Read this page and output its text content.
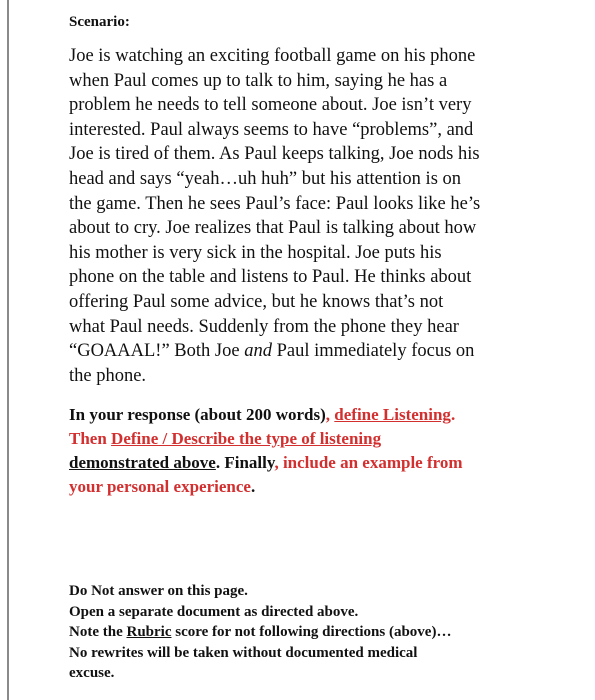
Scenario:
Joe is watching an exciting football game on his phone
when Paul comes up to talk to him, saying he has a
problem he needs to tell someone about. Joe isn’t very
interested. Paul always seems to have “problems”, and
Joe is tired of them. As Paul keeps talking, Joe nods his
head and says “yeah…uh huh” but his attention is on
the game. Then he sees Paul’s face: Paul looks like he’s
about to cry. Joe realizes that Paul is talking about how
his mother is very sick in the hospital. Joe puts his
phone on the table and listens to Paul. He thinks about
offering Paul some advice, but he knows that’s not
what Paul needs. Suddenly from the phone they hear
“GOAAAL!” Both Joe and Paul immediately focus on
the phone.
In your response (about 200 words), define Listening.
Then Define / Describe the type of listening
demonstrated above. Finally, include an example from
your personal experience.
Do Not answer on this page.
Open a separate document as directed above.
Note the Rubric score for not following directions (above)…
No rewrites will be taken without documented medical
excuse.
